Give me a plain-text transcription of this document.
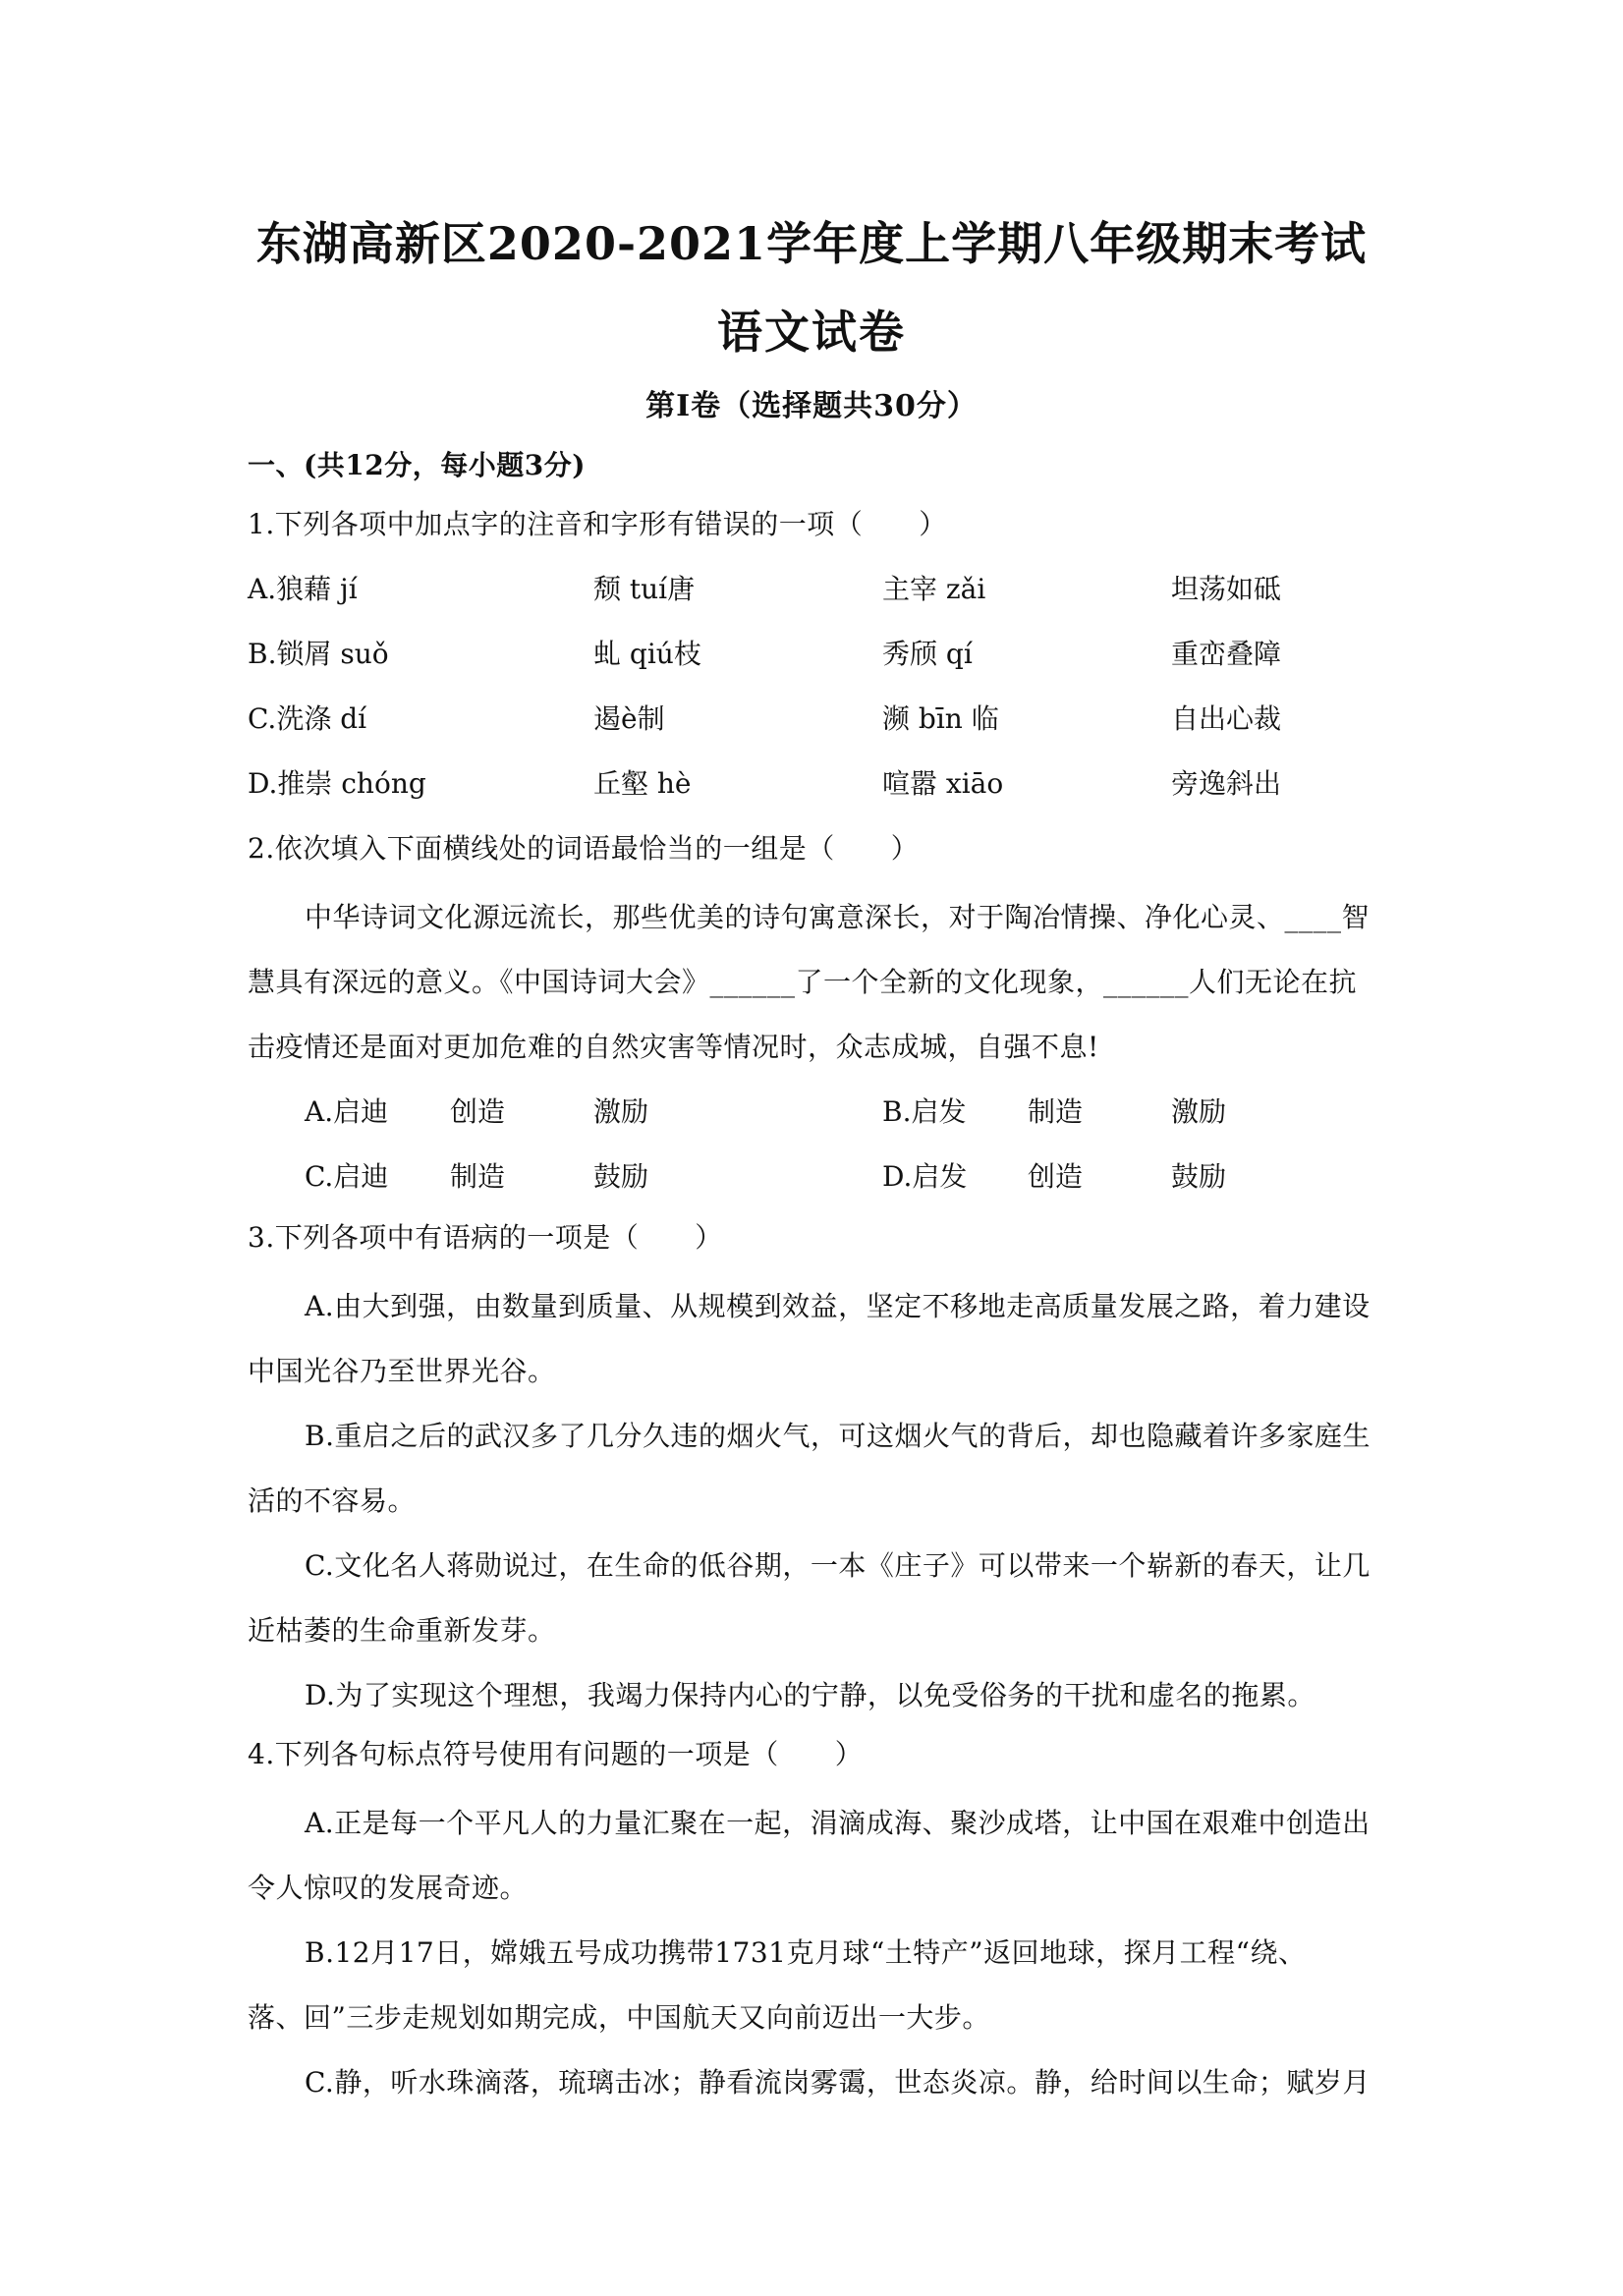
东湖高新区2020-2021学年度上学期八年级期末考试
语文试卷
第Ⅰ卷（选择题共30分）
一、(共12分，每小题3分)
1.下列各项中加点字的注音和字形有错误的一项（　　）
A.狼藉 jí	颓 tuí唐	主宰 zǎi	坦荡如砥
B.锁屑 suǒ	虬 qiú枝	秀颀 qí	重峦叠障
C.洗涤 dí	遏è制	濒 bīn 临	自出心裁
D.推崇 chóng	丘壑 hè	喧嚣 xiāo	旁逸斜出
2.依次填入下面横线处的词语最恰当的一组是（　　）
中华诗词文化源远流长，那些优美的诗句寓意深长，对于陶冶情操、净化心灵、____智
慧具有深远的意义。《中国诗词大会》______了一个全新的文化现象，______人们无论在抗
击疫情还是面对更加危难的自然灾害等情况时，众志成城，自强不息!
A.启迪 创造	激励	B.启发 制造	激励
C.启迪 制造	鼓励	D.启发 创造	鼓励
3.下列各项中有语病的一项是（　　）
A.由大到强，由数量到质量、从规模到效益，坚定不移地走高质量发展之路，着力建设
中国光谷乃至世界光谷。
B.重启之后的武汉多了几分久违的烟火气，可这烟火气的背后，却也隐藏着许多家庭生
活的不容易。
C.文化名人蒋勋说过，在生命的低谷期，一本《庄子》可以带来一个崭新的春天，让几
近枯萎的生命重新发芽。
D.为了实现这个理想，我竭力保持内心的宁静，以免受俗务的干扰和虚名的拖累。
4.下列各句标点符号使用有问题的一项是（　　）
A.正是每一个平凡人的力量汇聚在一起，涓滴成海、聚沙成塔，让中国在艰难中创造出
令人惊叹的发展奇迹。
B.12月17日，嫦娥五号成功携带1731克月球“土特产”返回地球，探月工程“绕、
落、回”三步走规划如期完成，中国航天又向前迈出一大步。
C.静，听水珠滴落，琉璃击冰；静看流岗雾霭，世态炎凉。静，给时间以生命；赋岁月
